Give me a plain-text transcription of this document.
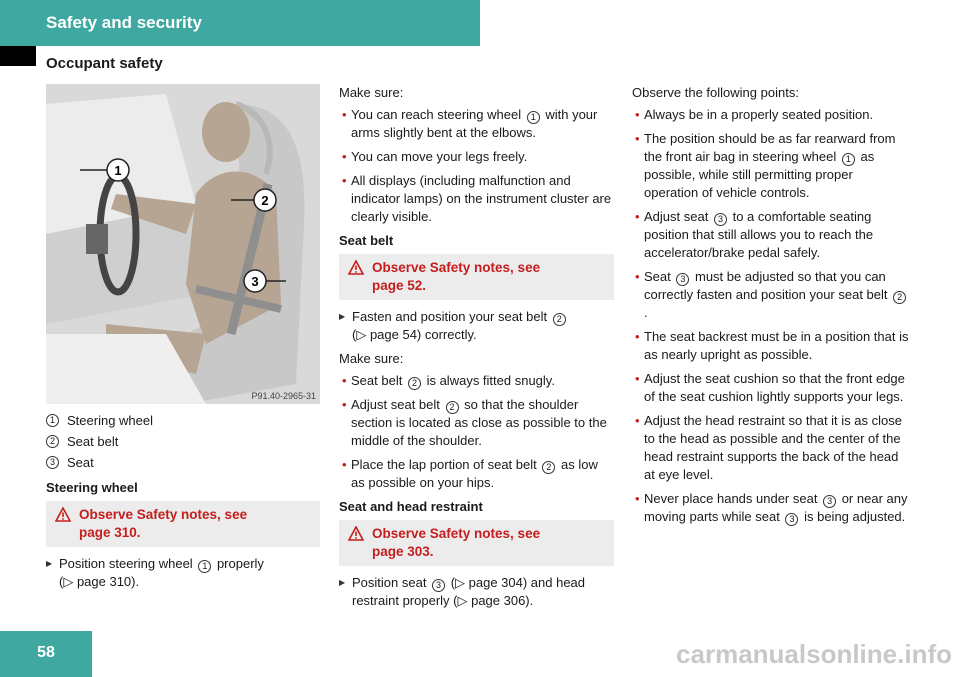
Safety and security
Occupant safety
1
2
3
P91.40-2965-31
1 Steering wheel
2 Seat belt
3 Seat
Steering wheel
Observe Safety notes, see
page 310.
▶ Position steering wheel 1 properly
(▷ page 310).
Make sure:
• You can reach steering wheel 1 with your arms slightly bent at the elbows.
• You can move your legs freely.
• All displays (including malfunction and indicator lamps) on the instrument cluster are clearly visible.
Seat belt
Observe Safety notes, see
page 52.
▶ Fasten and position your seat belt 2
(▷ page 54) correctly.
Make sure:
• Seat belt 2 is always fitted snugly.
• Adjust seat belt 2 so that the shoulder section is located as close as possible to the middle of the shoulder.
• Place the lap portion of seat belt 2 as low as possible on your hips.
Seat and head restraint
Observe Safety notes, see
page 303.
▶ Position seat 3 (▷ page 304) and head restraint properly (▷ page 306).
Observe the following points:
• Always be in a properly seated position.
• The position should be as far rearward from the front air bag in steering wheel 1 as possible, while still permitting proper operation of vehicle controls.
• Adjust seat 3 to a comfortable seating position that still allows you to reach the accelerator/brake pedal safely.
• Seat 3 must be adjusted so that you can correctly fasten and position your seat belt 2.
• The seat backrest must be in a position that is as nearly upright as possible.
• Adjust the seat cushion so that the front edge of the seat cushion lightly supports your legs.
• Adjust the head restraint so that it is as close to the head as possible and the center of the head restraint supports the back of the head at eye level.
• Never place hands under seat 3 or near any moving parts while seat 3 is being adjusted.
58	carmanualsonline.info
